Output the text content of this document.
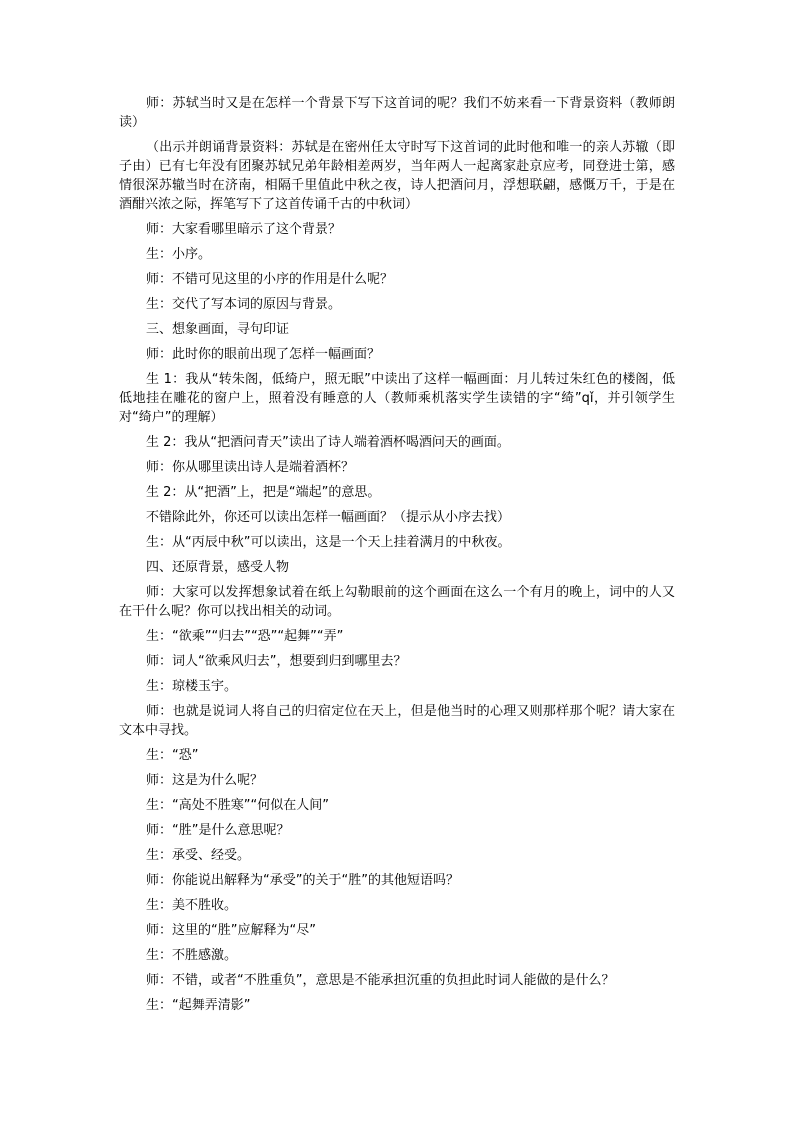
师：苏轼当时又是在怎样一个背景下写下这首词的呢？我们不妨来看一下背景资料（教师朗读）

（出示并朗诵背景资料：苏轼是在密州任太守时写下这首词的此时他和唯一的亲人苏辙（即子由）已有七年没有团聚苏轼兄弟年龄相差两岁，当年两人一起离家赴京应考，同登进士第，感情很深苏辙当时在济南，相隔千里值此中秋之夜，诗人把酒问月，浮想联翩，感慨万千，于是在酒酣兴浓之际，挥笔写下了这首传诵千古的中秋词）

师：大家看哪里暗示了这个背景？

生：小序。

师：不错可见这里的小序的作用是什么呢？

生：交代了写本词的原因与背景。

三、想象画面，寻句印证

师：此时你的眼前出现了怎样一幅画面？

生 1：我从“转朱阁，低绮户，照无眠”中读出了这样一幅画面：月儿转过朱红色的楼阁，低低地挂在雕花的窗户上，照着没有睡意的人（教师乘机落实学生读错的字“绮”qǐ，并引领学生对“绮户”的理解）

生 2：我从“把酒问青天”读出了诗人端着酒杯喝酒问天的画面。

师：你从哪里读出诗人是端着酒杯？

生 2：从“把酒”上，把是“端起”的意思。

不错除此外，你还可以读出怎样一幅画面？（提示从小序去找）

生：从“丙辰中秋”可以读出，这是一个天上挂着满月的中秋夜。

四、还原背景，感受人物

师：大家可以发挥想象试着在纸上勾勒眼前的这个画面在这么一个有月的晚上，词中的人又在干什么呢？你可以找出相关的动词。

生：“欲乘”“归去”“恐”“起舞”“弄”

师：词人“欲乘风归去”，想要到归到哪里去？

生：琼楼玉宇。

师：也就是说词人将自己的归宿定位在天上，但是他当时的心理又则那样那个呢？请大家在文本中寻找。

生：“恐”

师：这是为什么呢？

生：“高处不胜寒”“何似在人间”

师：“胜”是什么意思呢？

生：承受、经受。

师：你能说出解释为“承受”的关于“胜”的其他短语吗？

生：美不胜收。

师：这里的“胜”应解释为“尽”

生：不胜感激。

师：不错，或者“不胜重负”，意思是不能承担沉重的负担此时词人能做的是什么？

生：“起舞弄清影”
